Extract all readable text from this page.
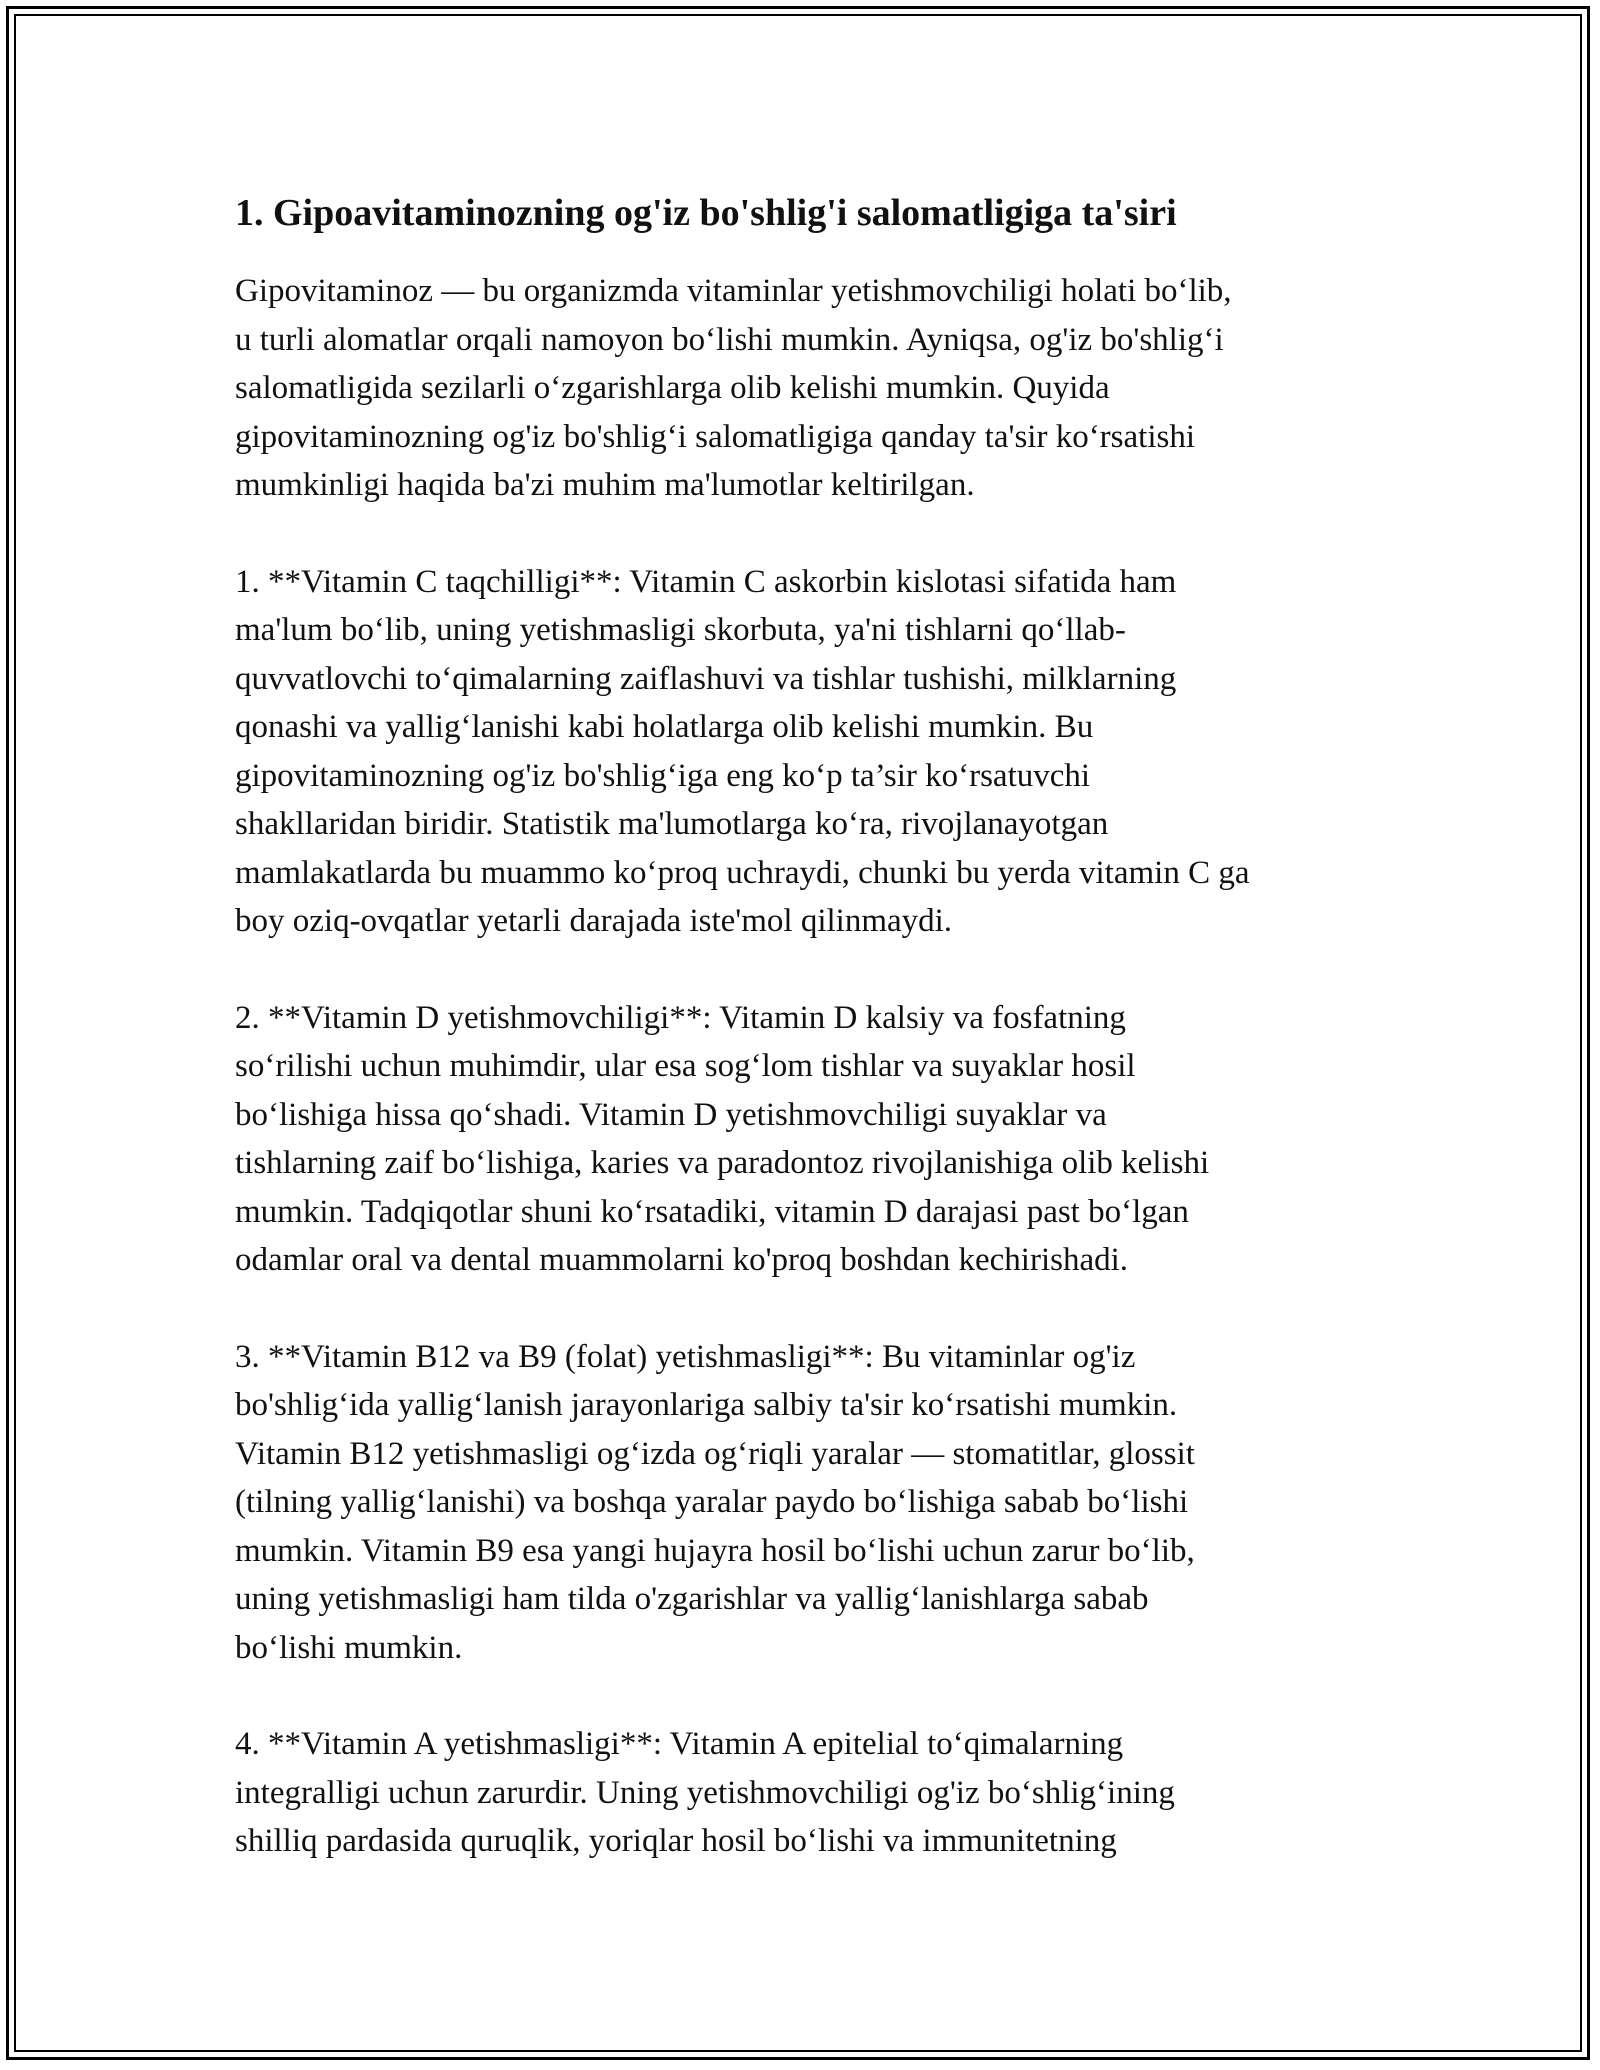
1. Gipoavitaminozning og'iz bo'shlig'i salomatligiga ta'siri
Gipovitaminoz — bu organizmda vitaminlar yetishmovchiligi holati bo‘lib,
u turli alomatlar orqali namoyon bo‘lishi mumkin. Ayniqsa, og'iz bo'shlig‘i
salomatligida sezilarli o‘zgarishlarga olib kelishi mumkin. Quyida
gipovitaminozning og'iz bo'shlig‘i salomatligiga qanday ta'sir ko‘rsatishi
mumkinligi haqida ba'zi muhim ma'lumotlar keltirilgan.
1. **Vitamin C taqchilligi**: Vitamin C askorbin kislotasi sifatida ham
ma'lum bo‘lib, uning yetishmasligi skorbuta, ya'ni tishlarni qo‘llab-
quvvatlovchi to‘qimalarning zaiflashuvi va tishlar tushishi, milklarning
qonashi va yallig‘lanishi kabi holatlarga olib kelishi mumkin. Bu
gipovitaminozning og'iz bo'shlig‘iga eng ko‘p ta’sir ko‘rsatuvchi
shakllaridan biridir. Statistik ma'lumotlarga ko‘ra, rivojlanayotgan
mamlakatlarda bu muammo ko‘proq uchraydi, chunki bu yerda vitamin C ga
boy oziq-ovqatlar yetarli darajada iste'mol qilinmaydi.
2. **Vitamin D yetishmovchiligi**: Vitamin D kalsiy va fosfatning
so‘rilishi uchun muhimdir, ular esa sog‘lom tishlar va suyaklar hosil
bo‘lishiga hissa qo‘shadi. Vitamin D yetishmovchiligi suyaklar va
tishlarning zaif bo‘lishiga, karies va paradontoz rivojlanishiga olib kelishi
mumkin. Tadqiqotlar shuni ko‘rsatadiki, vitamin D darajasi past bo‘lgan
odamlar oral va dental muammolarni ko'proq boshdan kechirishadi.
3. **Vitamin B12 va B9 (folat) yetishmasligi**: Bu vitaminlar og'iz
bo'shlig‘ida yallig‘lanish jarayonlariga salbiy ta'sir ko‘rsatishi mumkin.
Vitamin B12 yetishmasligi og‘izda og‘riqli yaralar — stomatitlar, glossit
(tilning yallig‘lanishi) va boshqa yaralar paydo bo‘lishiga sabab bo‘lishi
mumkin. Vitamin B9 esa yangi hujayra hosil bo‘lishi uchun zarur bo‘lib,
uning yetishmasligi ham tilda o'zgarishlar va yallig‘lanishlarga sabab
bo‘lishi mumkin.
4. **Vitamin A yetishmasligi**: Vitamin A epitelial to‘qimalarning
integralligi uchun zarurdir. Uning yetishmovchiligi og'iz bo‘shlig‘ining
shilliq pardasida quruqlik, yoriqlar hosil bo‘lishi va immunitetning
